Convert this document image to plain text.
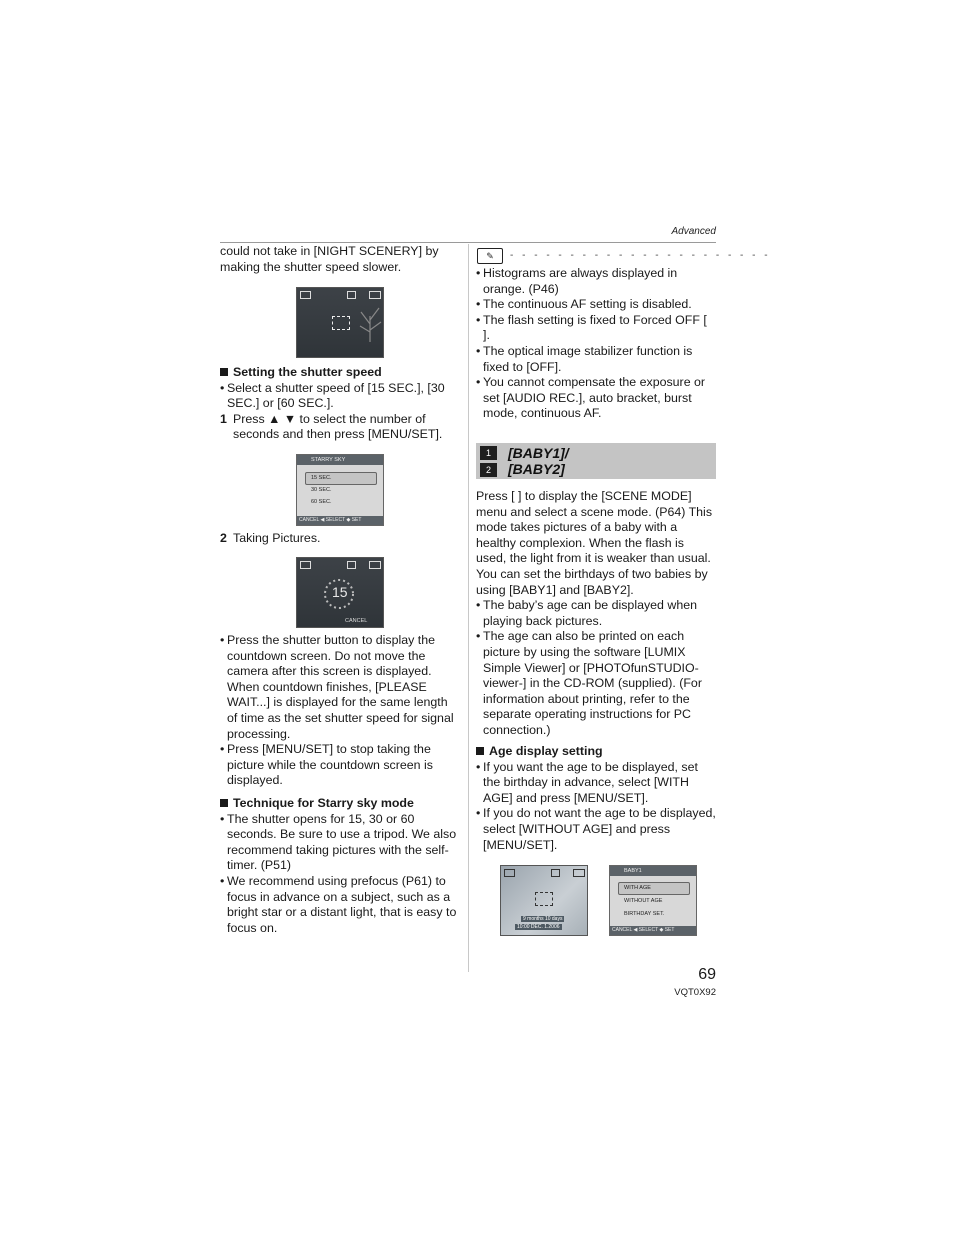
Advanced

could not take in [NIGHT SCENERY] by making the shutter speed slower.

Setting the shutter speed

• Select a shutter speed of [15 SEC.], [30 SEC.] or [60 SEC.].

1 Press ▲ ▼ to select the number of seconds and then press [MENU/SET].

STARRY SKY
15 SEC.
30 SEC.
60 SEC.
CANCEL ◀ SELECT ◆ SET

2 Taking Pictures.

15
CANCEL

• Press the shutter button to display the countdown screen. Do not move the camera after this screen is displayed. When countdown finishes, [PLEASE WAIT...] is displayed for the same length of time as the set shutter speed for signal processing.

• Press [MENU/SET] to stop taking the picture while the countdown screen is displayed.

Technique for Starry sky mode

• The shutter opens for 15, 30 or 60 seconds. Be sure to use a tripod. We also recommend taking pictures with the self-timer. (P51)

• We recommend using prefocus (P61) to focus in advance on a subject, such as a bright star or a distant light, that is easy to focus on.

✎	- - - - - - - - - - - - - - - - - - - - - -

• Histograms are always displayed in orange. (P46)

• The continuous AF setting is disabled.

• The flash setting is fixed to Forced OFF [ ].

• The optical image stabilizer function is fixed to [OFF].

• You cannot compensate the exposure or set [AUDIO REC.], auto bracket, burst mode, continuous AF.

1
2
[BABY1]/
[BABY2]

Press [ ] to display the [SCENE MODE] menu and select a scene mode. (P64) This mode takes pictures of a baby with a healthy complexion. When the flash is used, the light from it is weaker than usual. You can set the birthdays of two babies by using [BABY1] and [BABY2].

• The baby’s age can be displayed when playing back pictures.

• The age can also be printed on each picture by using the software [LUMIX Simple Viewer] or [PHOTOfunSTUDIO-viewer-] in the CD-ROM (supplied). (For information about printing, refer to the separate operating instructions for PC connection.)

Age display setting

• If you want the age to be displayed, set the birthday in advance, select [WITH AGE] and press [MENU/SET].

• If you do not want the age to be displayed, select [WITHOUT AGE] and press [MENU/SET].

9 months 10 days
10:00 DEC. 1.2006
BABY1
WITH AGE
WITHOUT AGE
BIRTHDAY SET.
CANCEL ◀ SELECT ◆ SET
69
VQT0X92
